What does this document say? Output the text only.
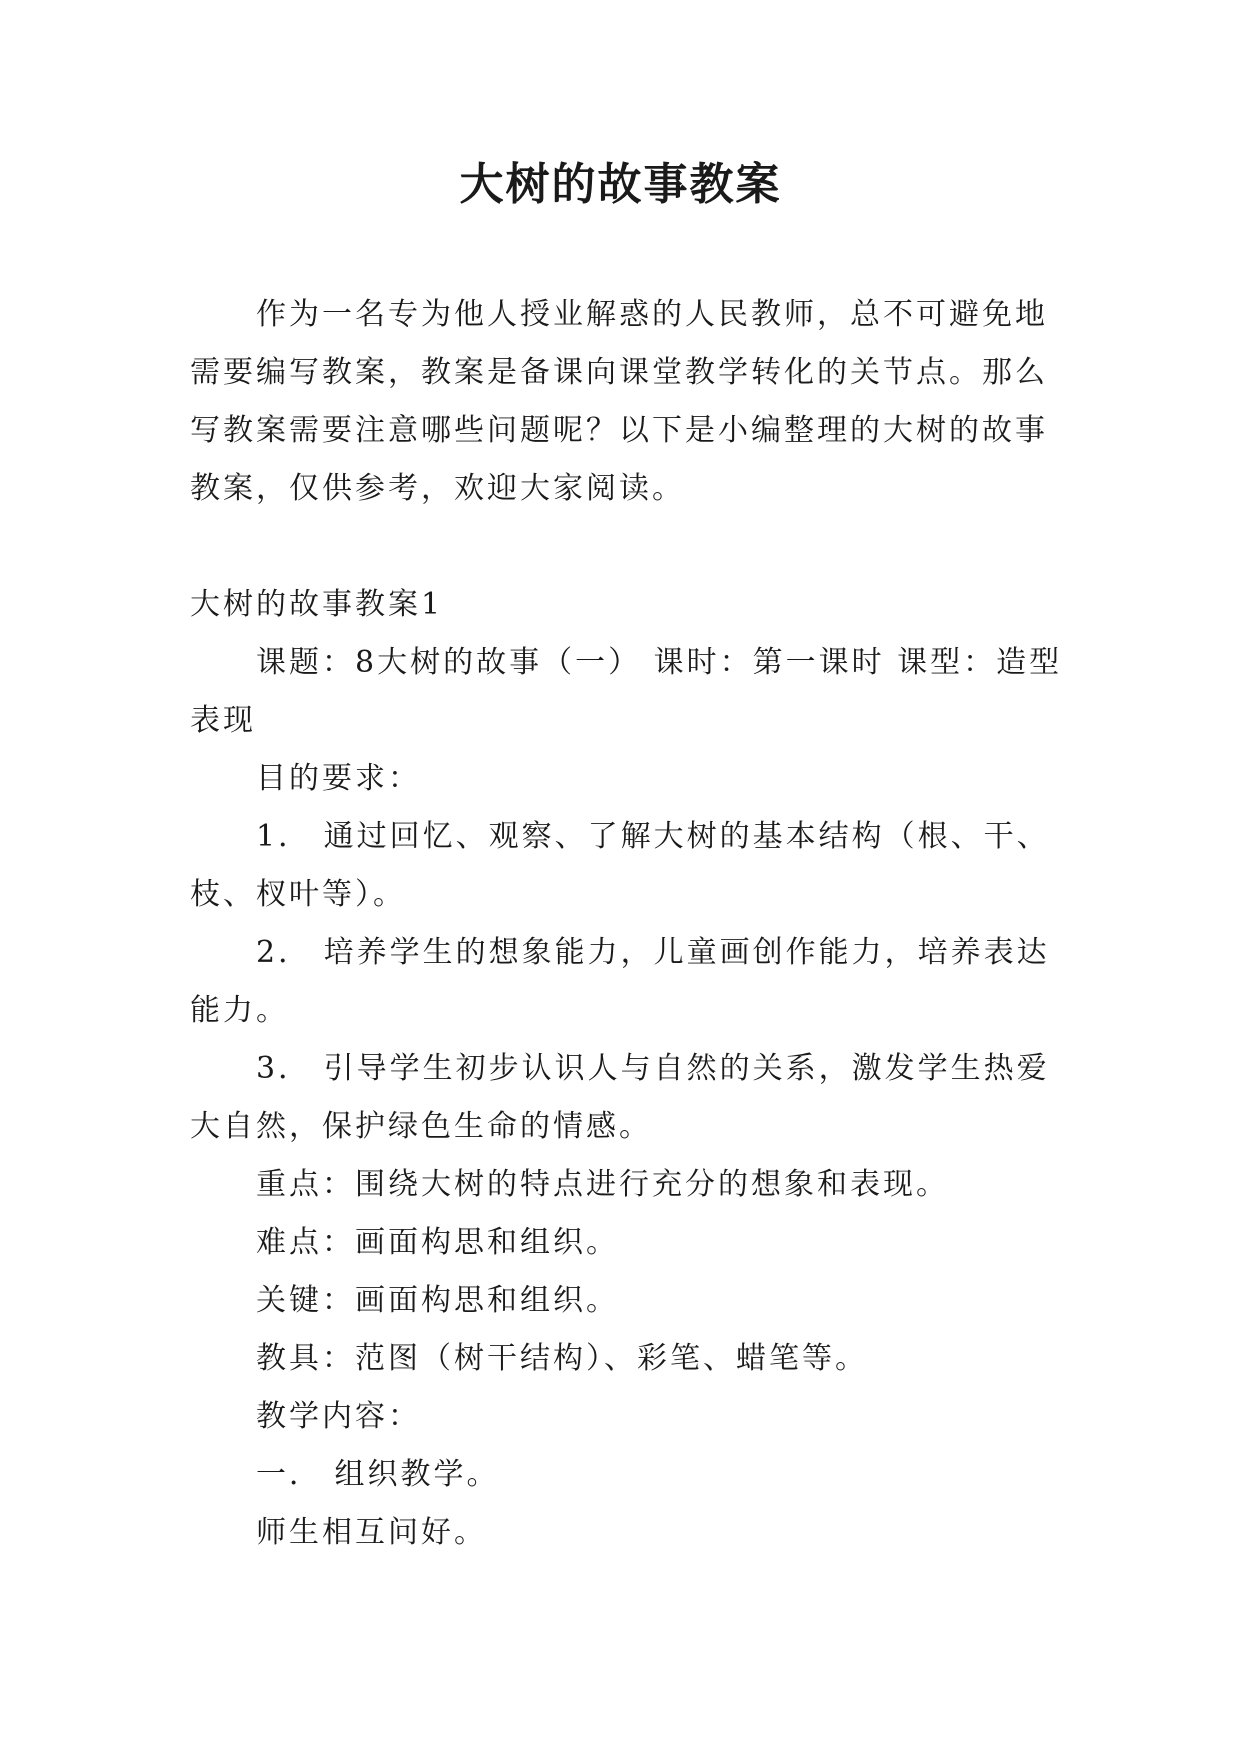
大树的故事教案

作为一名专为他人授业解惑的人民教师，总不可避免地需要编写教案，教案是备课向课堂教学转化的关节点。那么写教案需要注意哪些问题呢？以下是小编整理的大树的故事教案，仅供参考，欢迎大家阅读。

大树的故事教案1

课题：8大树的故事（一） 课时：第一课时 课型：造型表现

目的要求：

1． 通过回忆、观察、了解大树的基本结构（根、干、枝、杈叶等）。

2． 培养学生的想象能力，儿童画创作能力，培养表达能力。

3． 引导学生初步认识人与自然的关系，激发学生热爱大自然，保护绿色生命的情感。

重点：围绕大树的特点进行充分的想象和表现。

难点：画面构思和组织。

关键：画面构思和组织。

教具：范图（树干结构）、彩笔、蜡笔等。

教学内容：

一． 组织教学。

师生相互问好。
